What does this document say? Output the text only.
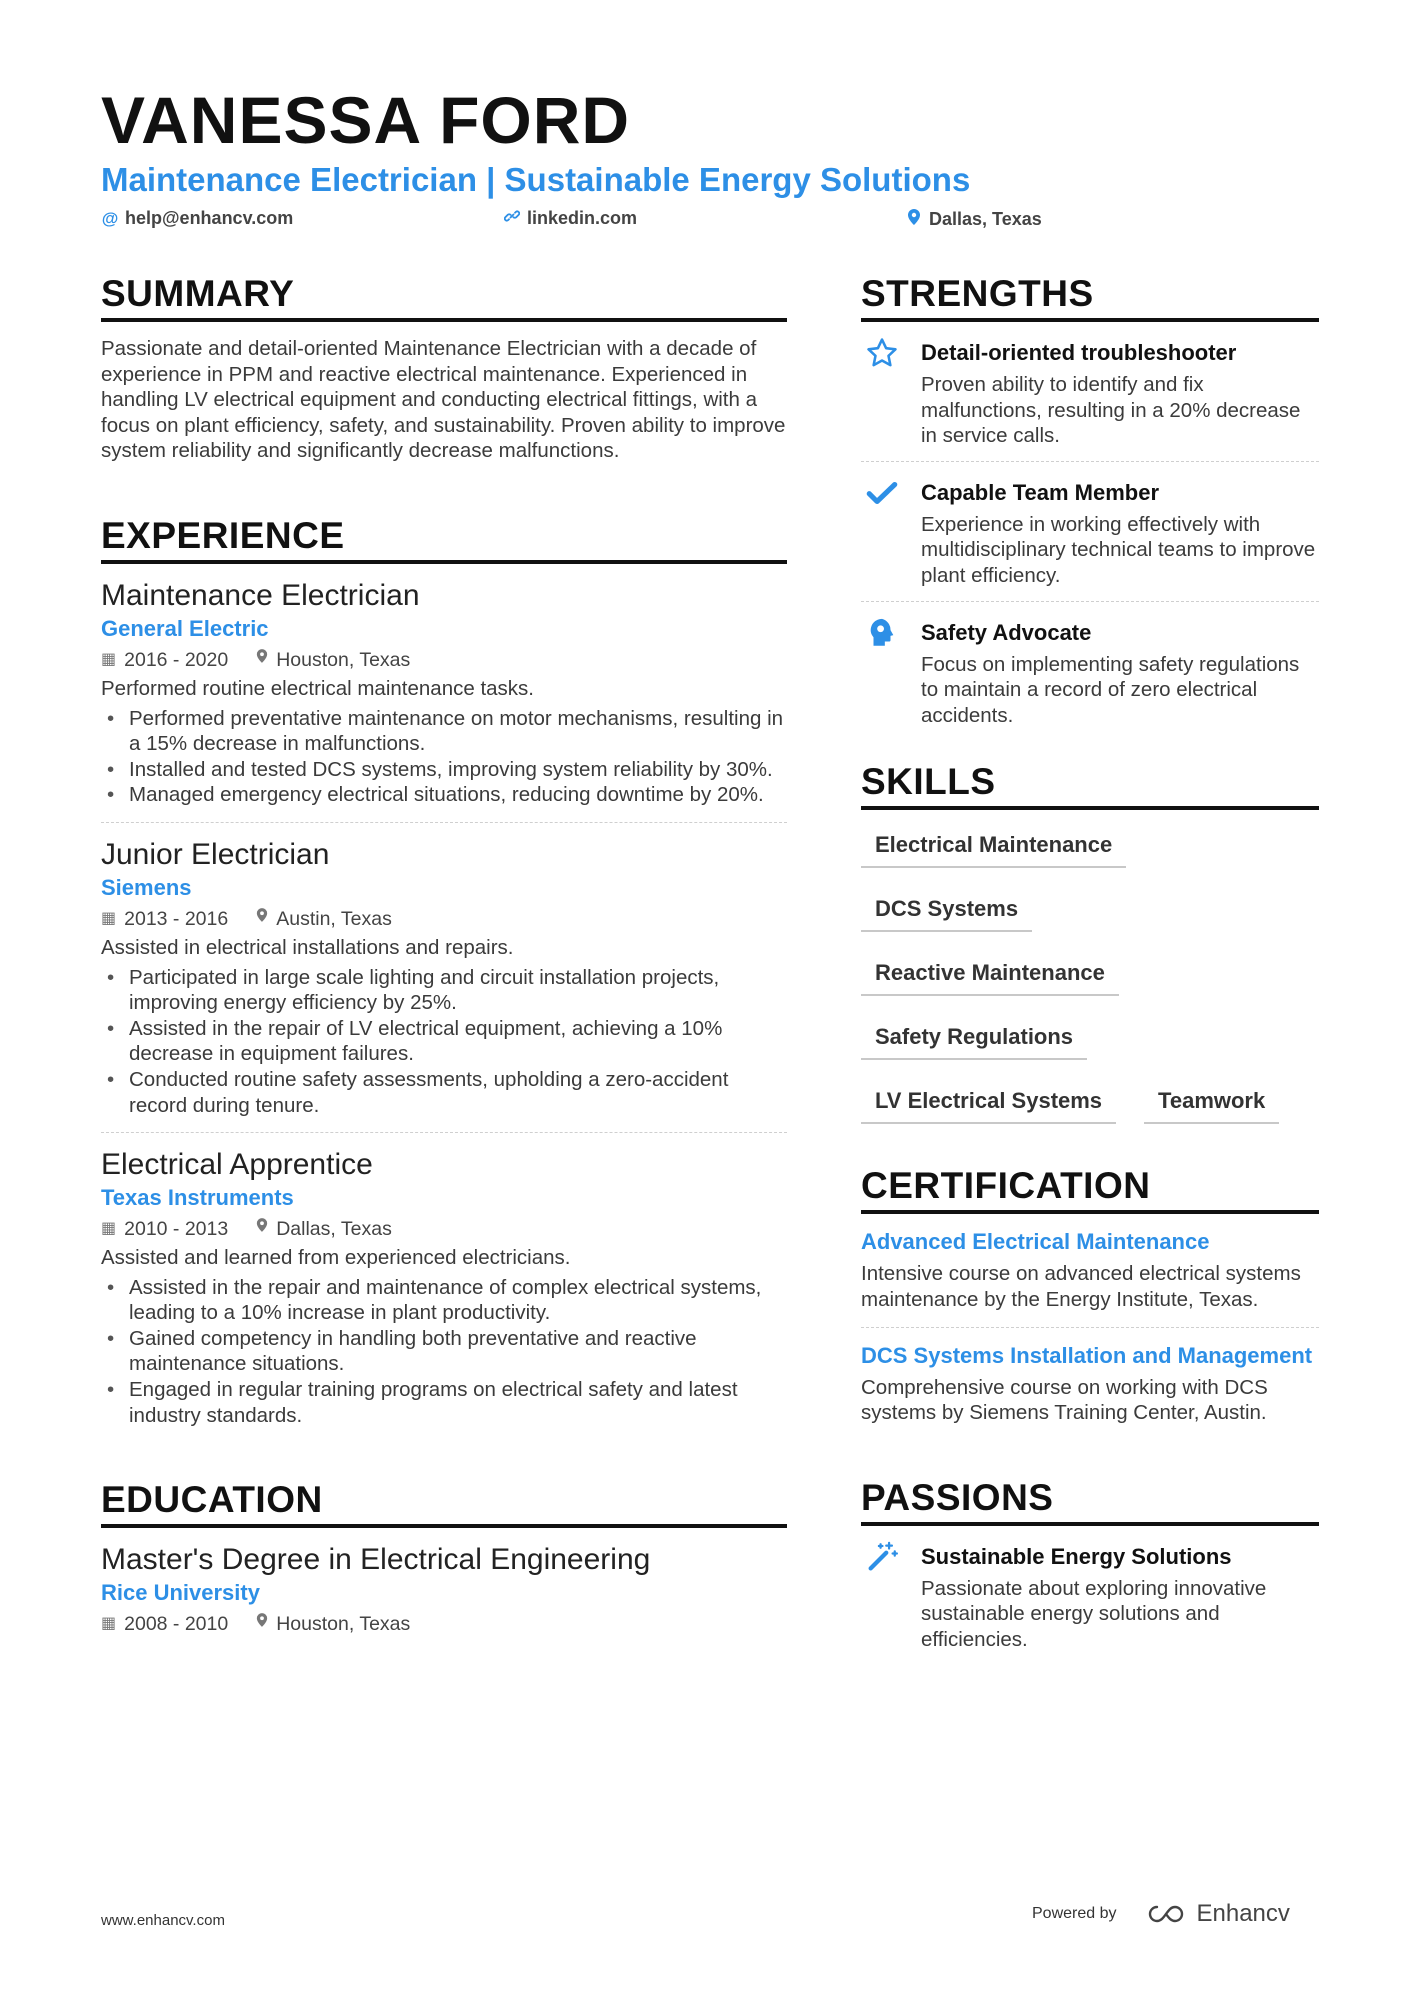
VANESSA FORD
Maintenance Electrician | Sustainable Energy Solutions
@ help@enhancv.com	linkedin.com	Dallas, Texas
SUMMARY
Passionate and detail-oriented Maintenance Electrician with a decade of experience in PPM and reactive electrical maintenance. Experienced in handling LV electrical equipment and conducting electrical fittings, with a focus on plant efficiency, safety, and sustainability. Proven ability to improve system reliability and significantly decrease malfunctions.
EXPERIENCE
Maintenance Electrician
General Electric
▦ 2016 - 2020 Houston, Texas
Performed routine electrical maintenance tasks.
• Performed preventative maintenance on motor mechanisms, resulting in a 15% decrease in malfunctions.
• Installed and tested DCS systems, improving system reliability by 30%.
• Managed emergency electrical situations, reducing downtime by 20%.
Junior Electrician
Siemens
▦ 2013 - 2016 Austin, Texas
Assisted in electrical installations and repairs.
• Participated in large scale lighting and circuit installation projects, improving energy efficiency by 25%.
• Assisted in the repair of LV electrical equipment, achieving a 10% decrease in equipment failures.
• Conducted routine safety assessments, upholding a zero-accident record during tenure.
Electrical Apprentice
Texas Instruments
▦ 2010 - 2013 Dallas, Texas
Assisted and learned from experienced electricians.
• Assisted in the repair and maintenance of complex electrical systems, leading to a 10% increase in plant productivity.
• Gained competency in handling both preventative and reactive maintenance situations.
• Engaged in regular training programs on electrical safety and latest industry standards.
EDUCATION
Master's Degree in Electrical Engineering
Rice University
▦ 2008 - 2010 Houston, Texas
STRENGTHS
Detail-oriented troubleshooter
Proven ability to identify and fix malfunctions, resulting in a 20% decrease in service calls.
Capable Team Member
Experience in working effectively with multidisciplinary technical teams to improve plant efficiency.
Safety Advocate
Focus on implementing safety regulations to maintain a record of zero electrical accidents.
SKILLS
Electrical Maintenance
DCS Systems
Reactive Maintenance
Safety Regulations
LV Electrical Systems	Teamwork
CERTIFICATION
Advanced Electrical Maintenance
Intensive course on advanced electrical systems maintenance by the Energy Institute, Texas.
DCS Systems Installation and Management
Comprehensive course on working with DCS systems by Siemens Training Center, Austin.
PASSIONS
Sustainable Energy Solutions
Passionate about exploring innovative sustainable energy solutions and efficiencies.
www.enhancv.com	Powered by	Enhancv
